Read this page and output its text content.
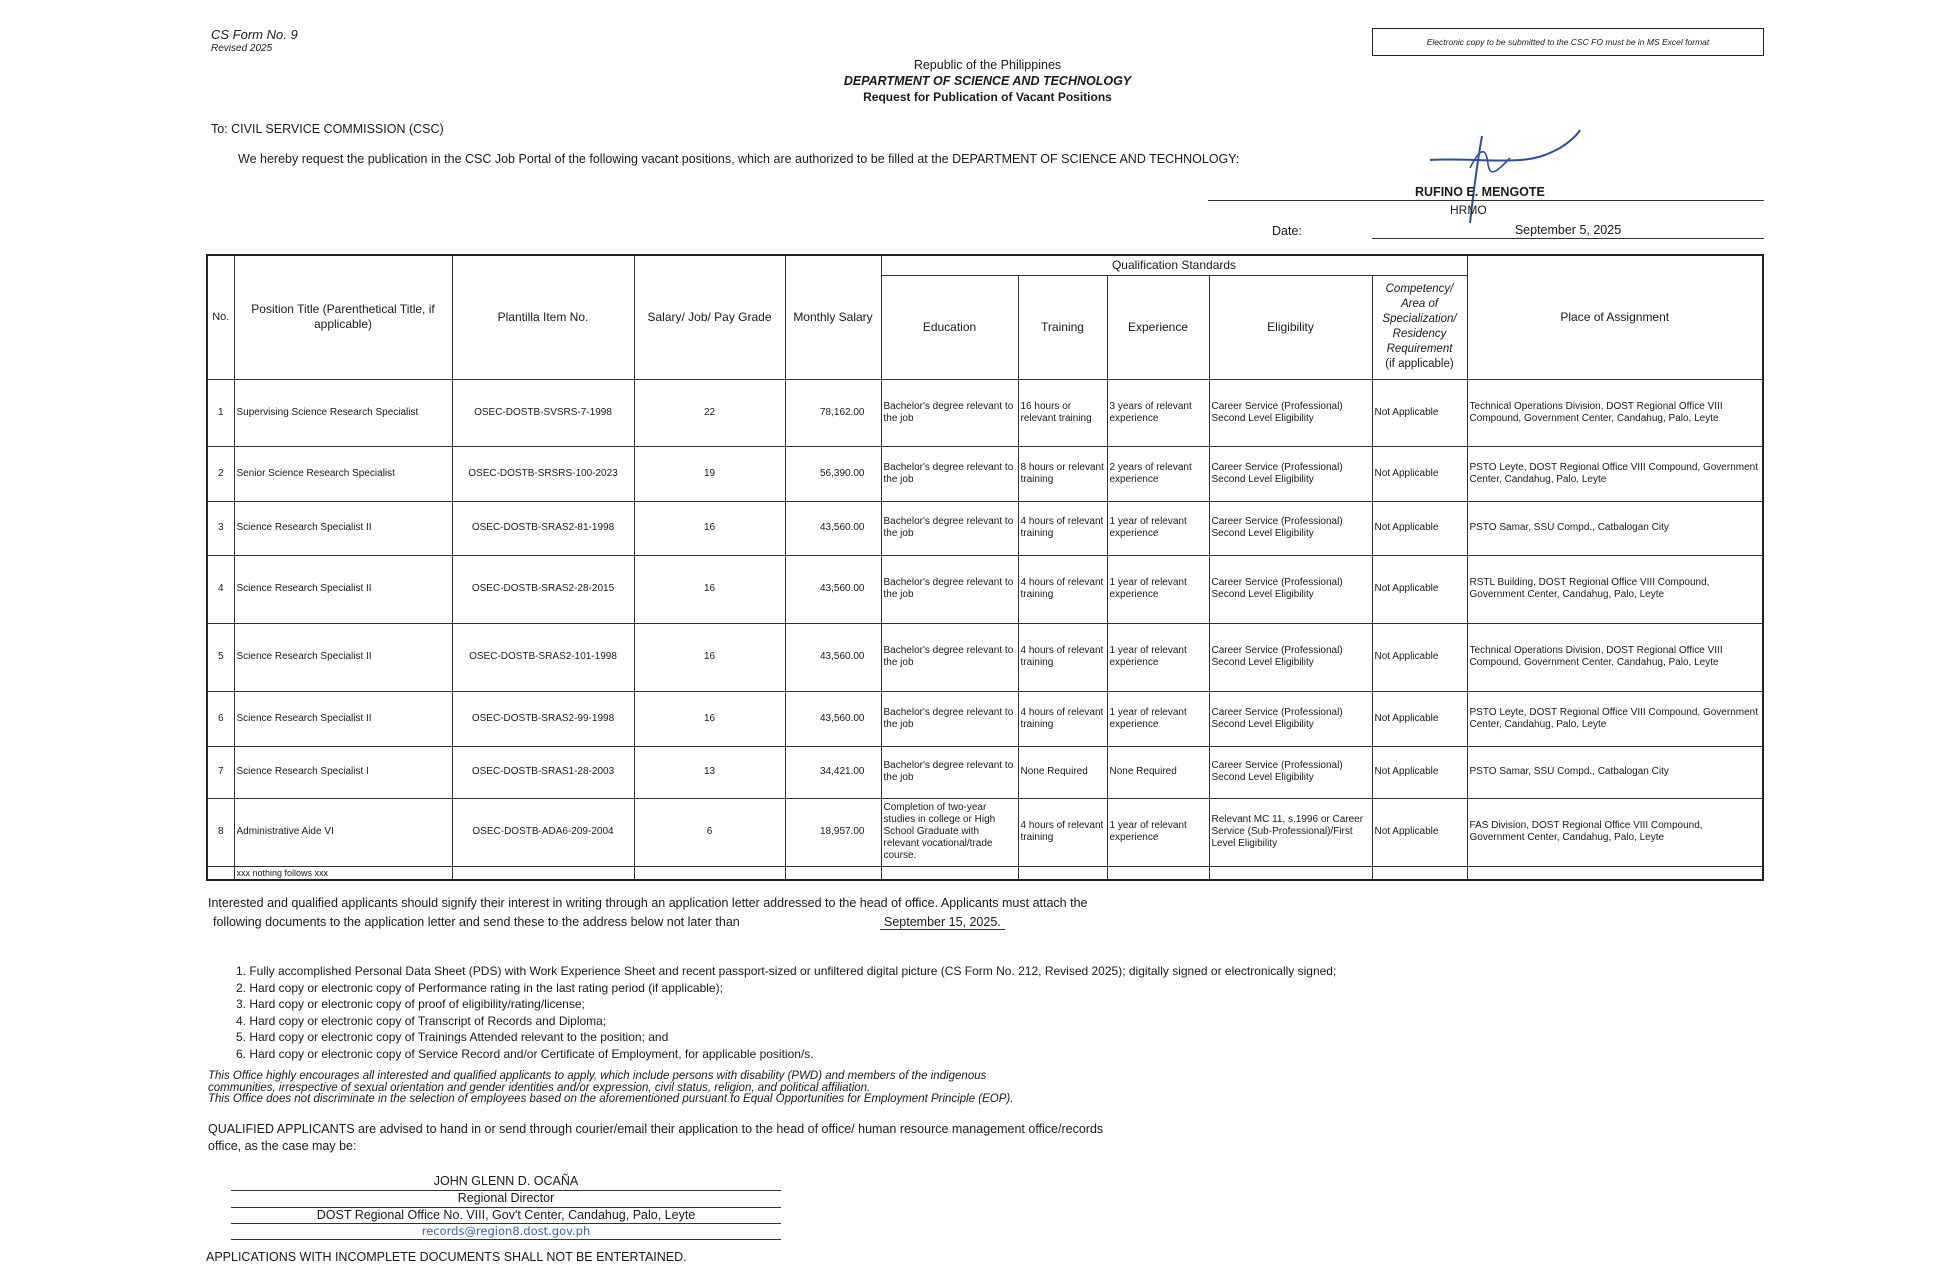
CS Form No. 9
Revised 2025
Electronic copy to be submitted to the CSC FO must be in MS Excel format
Republic of the Philippines
DEPARTMENT OF SCIENCE AND TECHNOLOGY
Request for Publication of Vacant Positions
To: CIVIL SERVICE COMMISSION (CSC)
We hereby request the publication in the CSC Job Portal of the following vacant positions, which are authorized to be filled at the DEPARTMENT OF SCIENCE AND TECHNOLOGY:
RUFINO E. MENGOTE
HRMO
Date:	September 5, 2025
No.	Position Title (Parenthetical Title, if applicable)	Plantilla Item No.	Salary/ Job/ Pay Grade	Monthly Salary	Qualification Standards					Place of Assignment
					Education	Training	Experience	Eligibility	Competency/ Area of Specialization/ Residency Requirement
(if applicable)	
1	Supervising Science Research Specialist	OSEC-DOSTB-SVSRS-7-1998	22	78,162.00	Bachelor's degree relevant to the job	16 hours or relevant training	3 years of relevant experience	Career Service (Professional) Second Level Eligibility	Not Applicable	Technical Operations Division, DOST Regional Office VIII Compound, Government Center, Candahug, Palo, Leyte
2	Senior Science Research Specialist	OSEC-DOSTB-SRSRS-100-2023	19	56,390.00	Bachelor's degree relevant to the job	8 hours or relevant training	2 years of relevant experience	Career Service (Professional) Second Level Eligibility	Not Applicable	PSTO Leyte, DOST Regional Office VIII Compound, Government Center, Candahug, Palo, Leyte
3	Science Research Specialist II	OSEC-DOSTB-SRAS2-81-1998	16	43,560.00	Bachelor's degree relevant to the job	4 hours of relevant training	1 year of relevant experience	Career Service (Professional) Second Level Eligibility	Not Applicable	PSTO Samar, SSU Compd., Catbalogan City
4	Science Research Specialist II	OSEC-DOSTB-SRAS2-28-2015	16	43,560.00	Bachelor's degree relevant to the job	4 hours of relevant training	1 year of relevant experience	Career Service (Professional) Second Level Eligibility	Not Applicable	RSTL Building, DOST Regional Office VIII Compound, Government Center, Candahug, Palo, Leyte
5	Science Research Specialist II	OSEC-DOSTB-SRAS2-101-1998	16	43,560.00	Bachelor's degree relevant to the job	4 hours of relevant training	1 year of relevant experience	Career Service (Professional) Second Level Eligibility	Not Applicable	Technical Operations Division, DOST Regional Office VIII Compound, Government Center, Candahug, Palo, Leyte
6	Science Research Specialist II	OSEC-DOSTB-SRAS2-99-1998	16	43,560.00	Bachelor's degree relevant to the job	4 hours of relevant training	1 year of relevant experience	Career Service (Professional) Second Level Eligibility	Not Applicable	PSTO Leyte, DOST Regional Office VIII Compound, Government Center, Candahug, Palo, Leyte
7	Science Research Specialist I	OSEC-DOSTB-SRAS1-28-2003	13	34,421.00	Bachelor's degree relevant to the job	None Required	None Required	Career Service (Professional) Second Level Eligibility	Not Applicable	PSTO Samar, SSU Compd., Catbalogan City
8	Administrative Aide VI	OSEC-DOSTB-ADA6-209-2004	6	18,957.00	Completion of two-year studies in college or High School Graduate with relevant vocational/trade course.	4 hours of relevant training	1 year of relevant experience	Relevant MC 11, s.1996 or Career Service (Sub-Professional)/First Level Eligibility	Not Applicable	FAS Division, DOST Regional Office VIII Compound, Government Center, Candahug, Palo, Leyte
	xxx nothing follows xxx									
Interested and qualified applicants should signify their interest in writing through an application letter addressed to the head of office. Applicants must attach the
following documents to the application letter and send these to the address below not later than	September 15, 2025.
1. Fully accomplished Personal Data Sheet (PDS) with Work Experience Sheet and recent passport-sized or unfiltered digital picture (CS Form No. 212, Revised 2025); digitally signed or electronically signed;
2. Hard copy or electronic copy of Performance rating in the last rating period (if applicable);
3. Hard copy or electronic copy of proof of eligibility/rating/license;
4. Hard copy or electronic copy of Transcript of Records and Diploma;
5. Hard copy or electronic copy of Trainings Attended relevant to the position; and
6. Hard copy or electronic copy of Service Record and/or Certificate of Employment, for applicable position/s.
This Office highly encourages all interested and qualified applicants to apply, which include persons with disability (PWD) and members of the indigenous
communities, irrespective of sexual orientation and gender identities and/or expression, civil status, religion, and political affiliation.
This Office does not discriminate in the selection of employees based on the aforementioned pursuant to Equal Opportunities for Employment Principle (EOP).
QUALIFIED APPLICANTS are advised to hand in or send through courier/email their application to the head of office/ human resource management office/records
office, as the case may be:
JOHN GLENN D. OCAÑA
Regional Director
DOST Regional Office No. VIII, Gov't Center, Candahug, Palo, Leyte
records@region8.dost.gov.ph
APPLICATIONS WITH INCOMPLETE DOCUMENTS SHALL NOT BE ENTERTAINED.
